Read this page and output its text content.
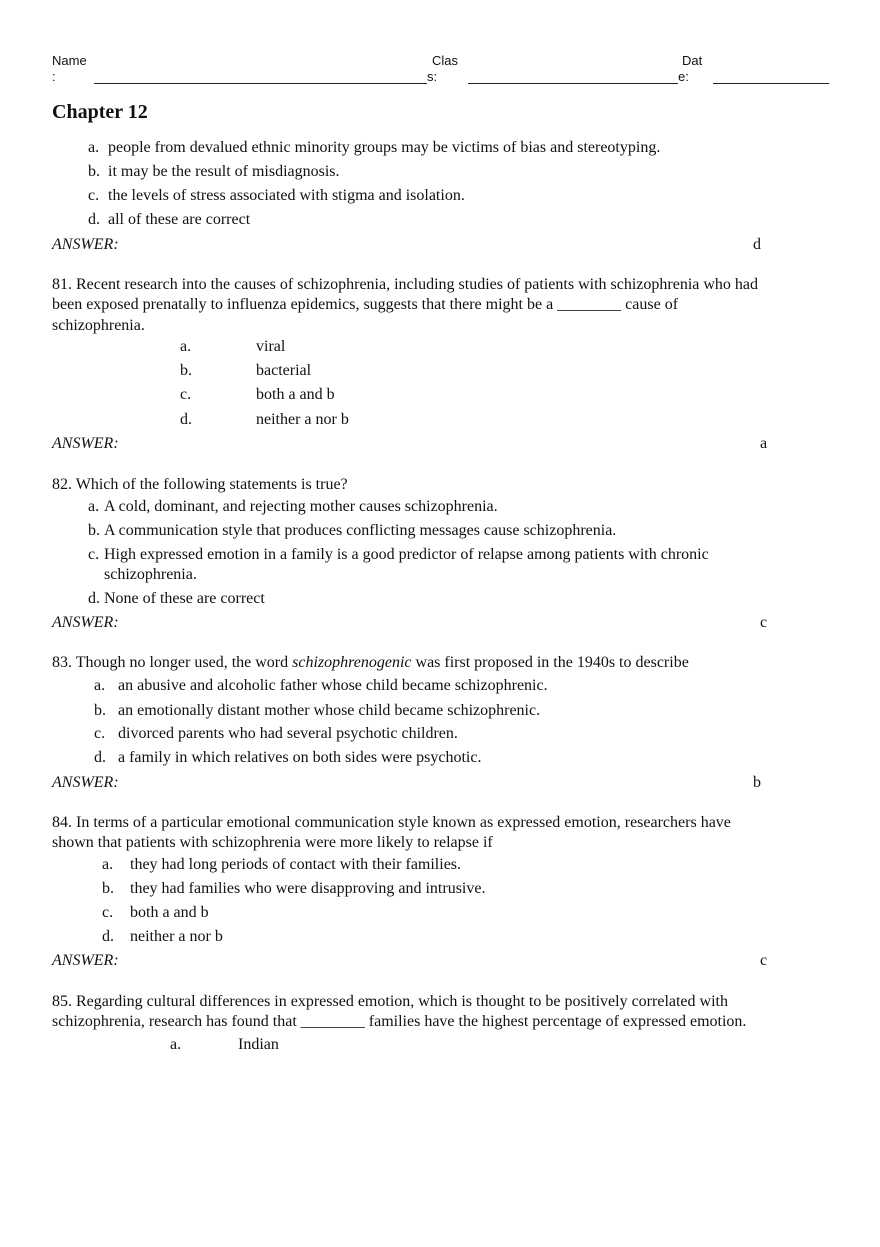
Name
:
Clas
s:
Dat
e:
Chapter 12
a. people from devalued ethnic minority groups may be victims of bias and stereotyping.
b. it may be the result of misdiagnosis.
c. the levels of stress associated with stigma and isolation.
d. all of these are correct
ANSWER:	d
81. Recent research into the causes of schizophrenia, including studies of patients with schizophrenia who had
been exposed prenatally to influenza epidemics, suggests that there might be a ________ cause of
schizophrenia.
a.	viral
b.	bacterial
c.	both a and b
d.	neither a nor b
ANSWER:	a
82. Which of the following statements is true?
a. A cold, dominant, and rejecting mother causes schizophrenia.
b. A communication style that produces conflicting messages cause schizophrenia.
c. High expressed emotion in a family is a good predictor of relapse among patients with chronic
schizophrenia.
d. None of these are correct
ANSWER:	c
83. Though no longer used, the word schizophrenogenic was first proposed in the 1940s to describe
a. an abusive and alcoholic father whose child became schizophrenic.
b. an emotionally distant mother whose child became schizophrenic.
c. divorced parents who had several psychotic children.
d. a family in which relatives on both sides were psychotic.
ANSWER:	b
84. In terms of a particular emotional communication style known as expressed emotion, researchers have
shown that patients with schizophrenia were more likely to relapse if
a. they had long periods of contact with their families.
b. they had families who were disapproving and intrusive.
c. both a and b
d. neither a nor b
ANSWER:	c
85. Regarding cultural differences in expressed emotion, which is thought to be positively correlated with
schizophrenia, research has found that ________ families have the highest percentage of expressed emotion.
a.	Indian
